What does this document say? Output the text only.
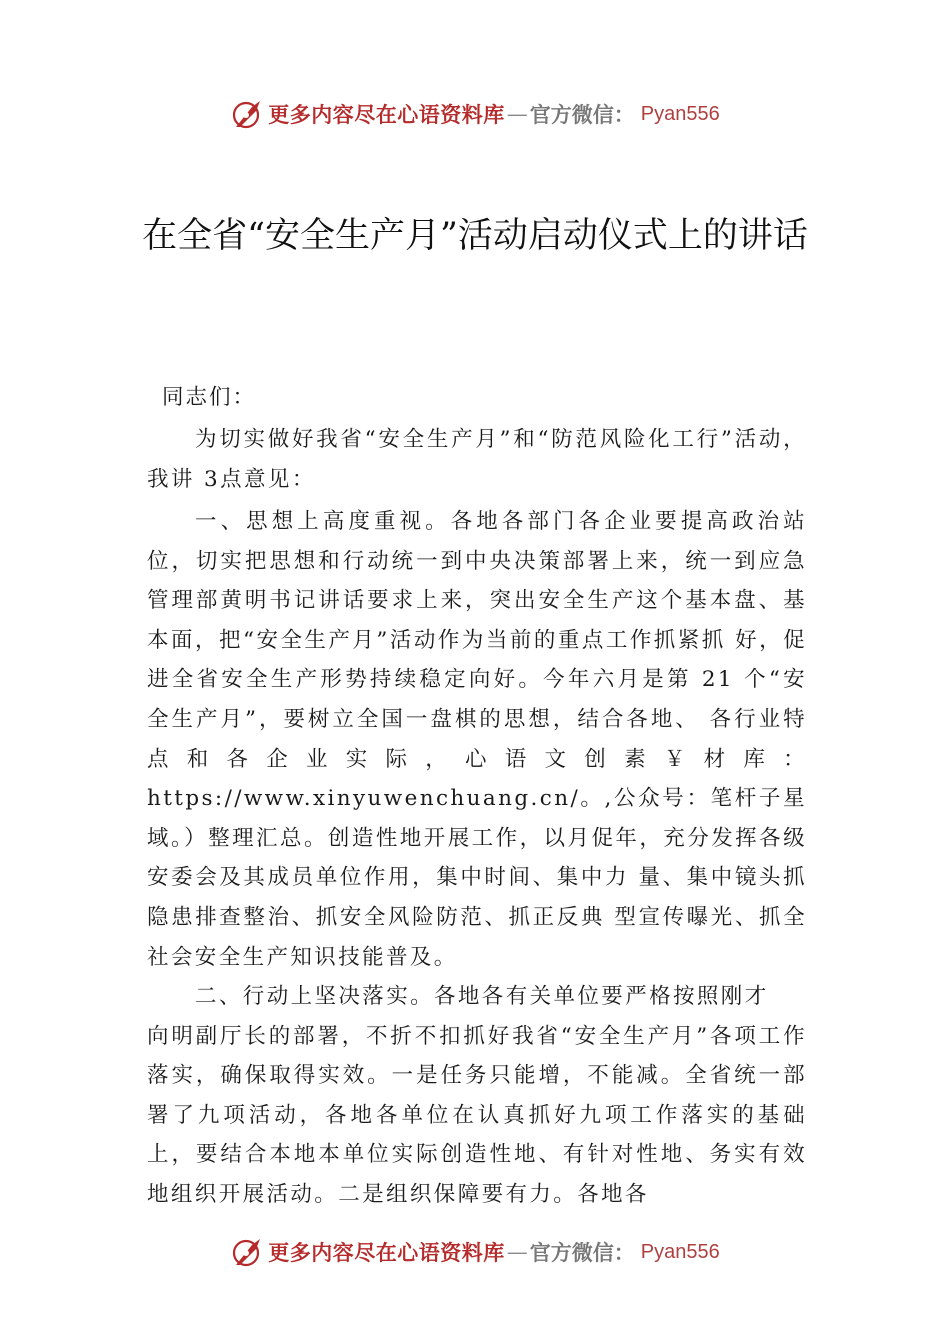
更多内容尽在心语资料库 — 官方微信： Pyan556
在全省“安全生产月”活动启动仪式上的讲话
同志们：

为切实做好我省“安全生产月”和“防范风险化工行”活动，我讲 3点意见：

一、思想上高度重视。各地各部门各企业要提高政治站位，切实把思想和行动统一到中央决策部署上来，统一到应急管理部黄明书记讲话要求上来，突出安全生产这个基本盘、基本面，把“安全生产月”活动作为当前的重点工作抓紧抓 好，促进全省安全生产形势持续稳定向好。今年六月是第 21 个“安全生产月”，要树立全国一盘棋的思想，结合各地、 各行业特点和各企业实际，心语文创素￥材库：https://www.xinyuwenchuang.cn/。,公众号：笔杆子星域。）整理汇总。创造性地开展工作，以月促年，充分发挥各级安委会及其成员单位作用，集中时间、集中力 量、集中镜头抓隐患排查整治、抓安全风险防范、抓正反典 型宣传曝光、抓全社会安全生产知识技能普及。

二、行动上坚决落实。各地各有关单位要严格按照刚才

向明副厅长的部署，不折不扣抓好我省“安全生产月”各项工作落实，确保取得实效。一是任务只能增，不能减。全省统一部署了九项活动，各地各单位在认真抓好九项工作落实的基础上，要结合本地本单位实际创造性地、有针对性地、务实有效地组织开展活动。二是组织保障要有力。各地各

更多内容尽在心语资料库 — 官方微信： Pyan556
